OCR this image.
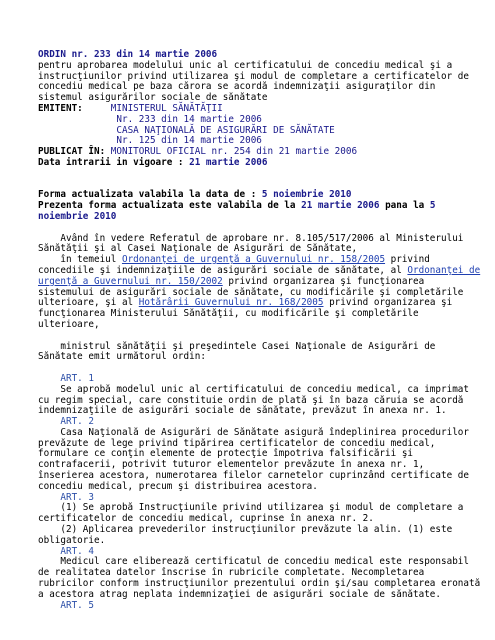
ORDIN nr. 233 din 14 martie 2006
pentru aprobarea modelului unic al certificatului de concediu medical şi a
instrucţiunilor privind utilizarea şi modul de completare a certificatelor de
concediu medical pe baza cărora se acordă indemnizaţii asiguraţilor din
sistemul asigurărilor sociale de sănătate
EMITENT:	MINISTERUL SĂNĂTĂŢII
Nr. 233 din 14 martie 2006
CASA NAŢIONALĂ DE ASIGURĂRI DE SĂNĂTATE
Nr. 125 din 14 martie 2006
PUBLICAT ÎN: MONITORUL OFICIAL nr. 254 din 21 martie 2006
Data intrarii in vigoare : 21 martie 2006
Forma actualizata valabila la data de : 5 noiembrie 2010
Prezenta forma actualizata este valabila de la 21 martie 2006 pana la 5
noiembrie 2010
Având în vedere Referatul de aprobare nr. 8.105/517/2006 al Ministerului
Sănătăţii şi al Casei Naţionale de Asigurări de Sănătate,
în temeiul Ordonanţei de urgenţă a Guvernului nr. 158/2005 privind
concediile şi indemnizaţiile de asigurări sociale de sănătate, al Ordonanţei de
urgenţă a Guvernului nr. 150/2002 privind organizarea şi funcţionarea
sistemului de asigurări sociale de sănătate, cu modificările şi completările
ulterioare, şi al Hotărârii Guvernului nr. 168/2005 privind organizarea şi
funcţionarea Ministerului Sănătăţii, cu modificările şi completările
ulterioare,
ministrul sănătăţii şi preşedintele Casei Naţionale de Asigurări de
Sănătate emit următorul ordin:
ART. 1
Se aprobă modelul unic al certificatului de concediu medical, ca imprimat
cu regim special, care constituie ordin de plată şi în baza căruia se acordă
indemnizaţiile de asigurări sociale de sănătate, prevăzut în anexa nr. 1.
ART. 2
Casa Naţională de Asigurări de Sănătate asigură îndeplinirea procedurilor
prevăzute de lege privind tipărirea certificatelor de concediu medical,
formulare ce conţin elemente de protecţie împotriva falsificării şi
contrafacerii, potrivit tuturor elementelor prevăzute în anexa nr. 1,
înserierea acestora, numerotarea filelor carnetelor cuprinzând certificate de
concediu medical, precum şi distribuirea acestora.
ART. 3
(1) Se aprobă Instrucţiunile privind utilizarea şi modul de completare a
certificatelor de concediu medical, cuprinse în anexa nr. 2.
(2) Aplicarea prevederilor instrucţiunilor prevăzute la alin. (1) este
obligatorie.
ART. 4
Medicul care eliberează certificatul de concediu medical este responsabil
de realitatea datelor înscrise în rubricile completate. Necompletarea
rubricilor conform instrucţiunilor prezentului ordin şi/sau completarea eronată
a acestora atrag neplata indemnizaţiei de asigurări sociale de sănătate.
ART. 5
